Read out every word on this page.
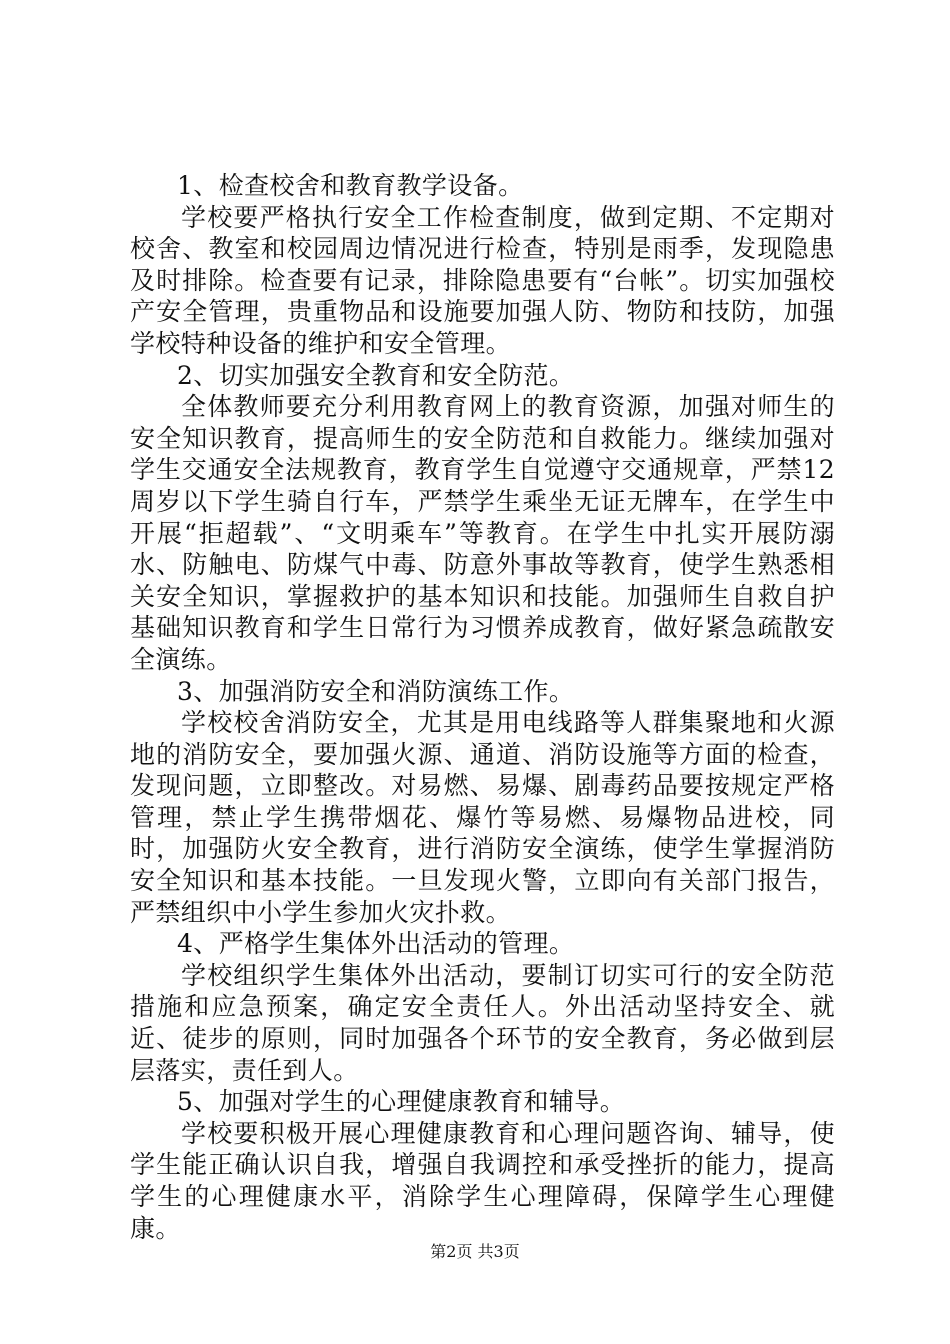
1、检查校舍和教育教学设备。

学校要严格执行安全工作检查制度，做到定期、不定期对校舍、教室和校园周边情况进行检查，特别是雨季，发现隐患及时排除。检查要有记录，排除隐患要有“台帐”。切实加强校产安全管理，贵重物品和设施要加强人防、物防和技防，加强学校特种设备的维护和安全管理。

2、切实加强安全教育和安全防范。

全体教师要充分利用教育网上的教育资源，加强对师生的安全知识教育，提高师生的安全防范和自救能力。继续加强对学生交通安全法规教育，教育学生自觉遵守交通规章，严禁12周岁以下学生骑自行车，严禁学生乘坐无证无牌车，在学生中开展“拒超载”、“文明乘车”等教育。在学生中扎实开展防溺水、防触电、防煤气中毒、防意外事故等教育，使学生熟悉相关安全知识，掌握救护的基本知识和技能。加强师生自救自护基础知识教育和学生日常行为习惯养成教育，做好紧急疏散安全演练。

3、加强消防安全和消防演练工作。

学校校舍消防安全，尤其是用电线路等人群集聚地和火源地的消防安全，要加强火源、通道、消防设施等方面的检查，发现问题，立即整改。对易燃、易爆、剧毒药品要按规定严格管理，禁止学生携带烟花、爆竹等易燃、易爆物品进校，同时，加强防火安全教育，进行消防安全演练，使学生掌握消防安全知识和基本技能。一旦发现火警，立即向有关部门报告，严禁组织中小学生参加火灾扑救。

4、严格学生集体外出活动的管理。

学校组织学生集体外出活动，要制订切实可行的安全防范措施和应急预案，确定安全责任人。外出活动坚持安全、就近、徒步的原则，同时加强各个环节的安全教育，务必做到层层落实，责任到人。

5、加强对学生的心理健康教育和辅导。

学校要积极开展心理健康教育和心理问题咨询、辅导，使学生能正确认识自我，增强自我调控和承受挫折的能力，提高学生的心理健康水平，消除学生心理障碍，保障学生心理健康。

第2页 共3页
